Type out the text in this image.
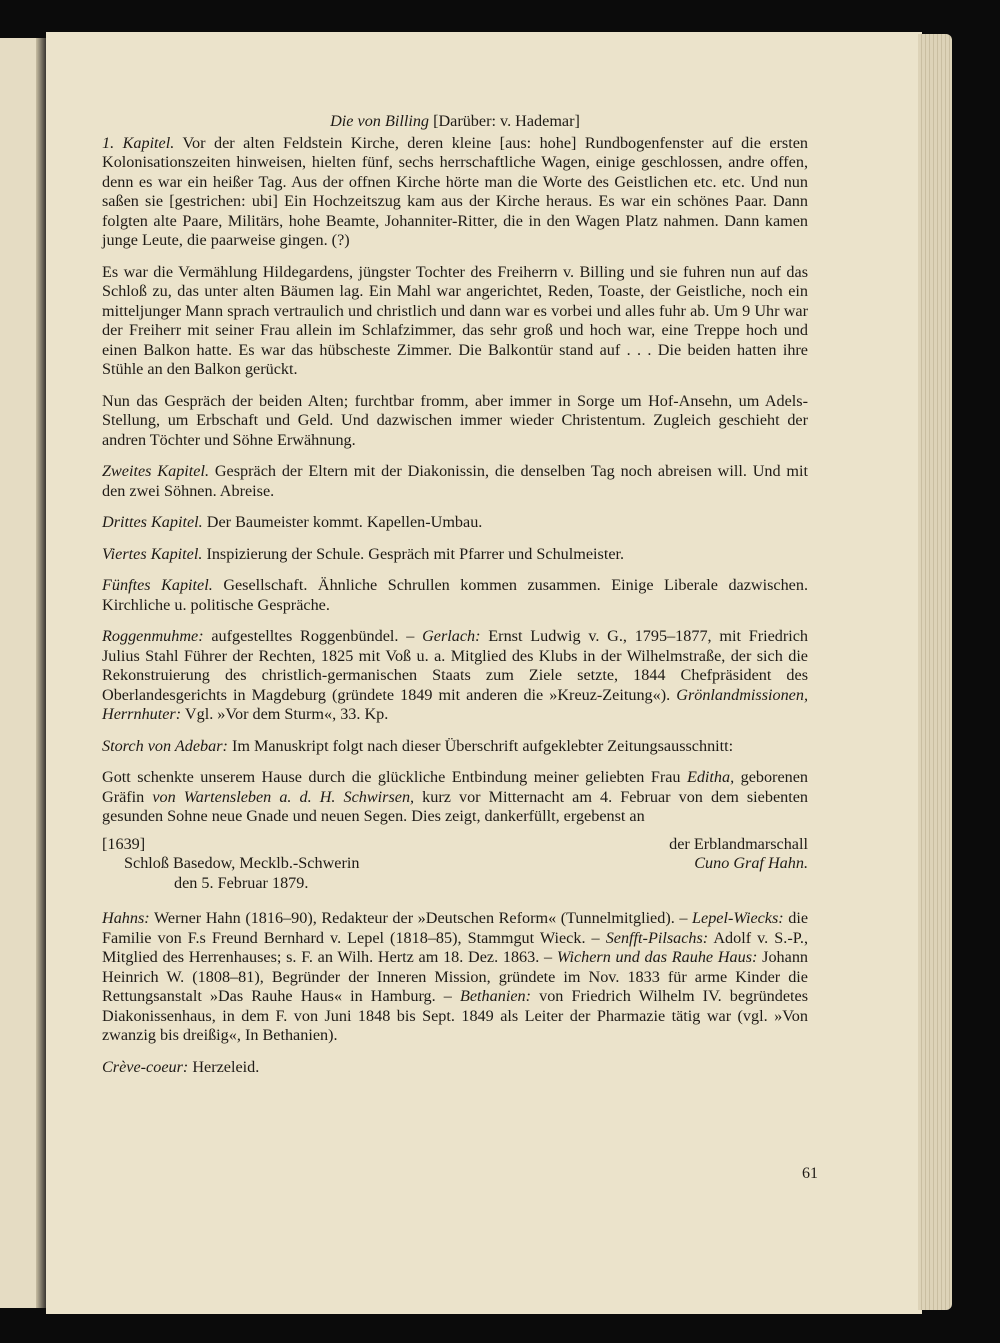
Die von Billing [Darüber: v. Hademar]

1. Kapitel. Vor der alten Feldstein Kirche, deren kleine [aus: hohe] Rundbogenfenster auf die ersten Kolonisationszeiten hinweisen, hielten fünf, sechs herrschaftliche Wagen, einige geschlossen, andre offen, denn es war ein heißer Tag. Aus der offnen Kirche hörte man die Worte des Geistlichen etc. etc. Und nun saßen sie [gestrichen: ubi] Ein Hochzeitszug kam aus der Kirche heraus. Es war ein schönes Paar. Dann folgten alte Paare, Militärs, hohe Beamte, Johanniter-Ritter, die in den Wagen Platz nahmen. Dann kamen junge Leute, die paarweise gingen. (?)

Es war die Vermählung Hildegardens, jüngster Tochter des Freiherrn v. Billing und sie fuhren nun auf das Schloß zu, das unter alten Bäumen lag. Ein Mahl war angerichtet, Reden, Toaste, der Geistliche, noch ein mitteljunger Mann sprach vertraulich und christlich und dann war es vorbei und alles fuhr ab. Um 9 Uhr war der Freiherr mit seiner Frau allein im Schlafzimmer, das sehr groß und hoch war, eine Treppe hoch und einen Balkon hatte. Es war das hübscheste Zimmer. Die Balkontür stand auf . . . Die beiden hatten ihre Stühle an den Balkon gerückt.

Nun das Gespräch der beiden Alten; furchtbar fromm, aber immer in Sorge um Hof-Ansehn, um Adels-Stellung, um Erbschaft und Geld. Und dazwischen immer wieder Christentum. Zugleich geschieht der andren Töchter und Söhne Erwähnung.

Zweites Kapitel. Gespräch der Eltern mit der Diakonissin, die denselben Tag noch abreisen will. Und mit den zwei Söhnen. Abreise.

Drittes Kapitel. Der Baumeister kommt. Kapellen-Umbau.

Viertes Kapitel. Inspizierung der Schule. Gespräch mit Pfarrer und Schulmeister.

Fünftes Kapitel. Gesellschaft. Ähnliche Schrullen kommen zusammen. Einige Liberale dazwischen. Kirchliche u. politische Gespräche.

Roggenmuhme: aufgestelltes Roggenbündel. – Gerlach: Ernst Ludwig v. G., 1795–1877, mit Friedrich Julius Stahl Führer der Rechten, 1825 mit Voß u. a. Mitglied des Klubs in der Wilhelmstraße, der sich die Rekonstruierung des christlich-germanischen Staats zum Ziele setzte, 1844 Chefpräsident des Oberlandesgerichts in Magdeburg (gründete 1849 mit anderen die »Kreuz-Zeitung«). Grönlandmissionen, Herrnhuter: Vgl. »Vor dem Sturm«, 33. Kp.

Storch von Adebar: Im Manuskript folgt nach dieser Überschrift aufgeklebter Zeitungsausschnitt:

Gott schenkte unserem Hause durch die glückliche Entbindung meiner geliebten Frau Editha, geborenen Gräfin von Wartensleben a. d. H. Schwirsen, kurz vor Mitternacht am 4. Februar von dem siebenten gesunden Sohne neue Gnade und neuen Segen. Dies zeigt, dankerfüllt, ergebenst an

[1639]
Schloß Basedow, Mecklb.-Schwerin
den 5. Februar 1879.
der Erblandmarschall
Cuno Graf Hahn.

Hahns: Werner Hahn (1816–90), Redakteur der »Deutschen Reform« (Tunnelmitglied). – Lepel-Wiecks: die Familie von F.s Freund Bernhard v. Lepel (1818–85), Stammgut Wieck. – Senfft-Pilsachs: Adolf v. S.-P., Mitglied des Herrenhauses; s. F. an Wilh. Hertz am 18. Dez. 1863. – Wichern und das Rauhe Haus: Johann Heinrich W. (1808–81), Begründer der Inneren Mission, gründete im Nov. 1833 für arme Kinder die Rettungsanstalt »Das Rauhe Haus« in Hamburg. – Bethanien: von Friedrich Wilhelm IV. begründetes Diakonissenhaus, in dem F. von Juni 1848 bis Sept. 1849 als Leiter der Pharmazie tätig war (vgl. »Von zwanzig bis dreißig«, In Bethanien).

Crève-coeur: Herzeleid.

61
